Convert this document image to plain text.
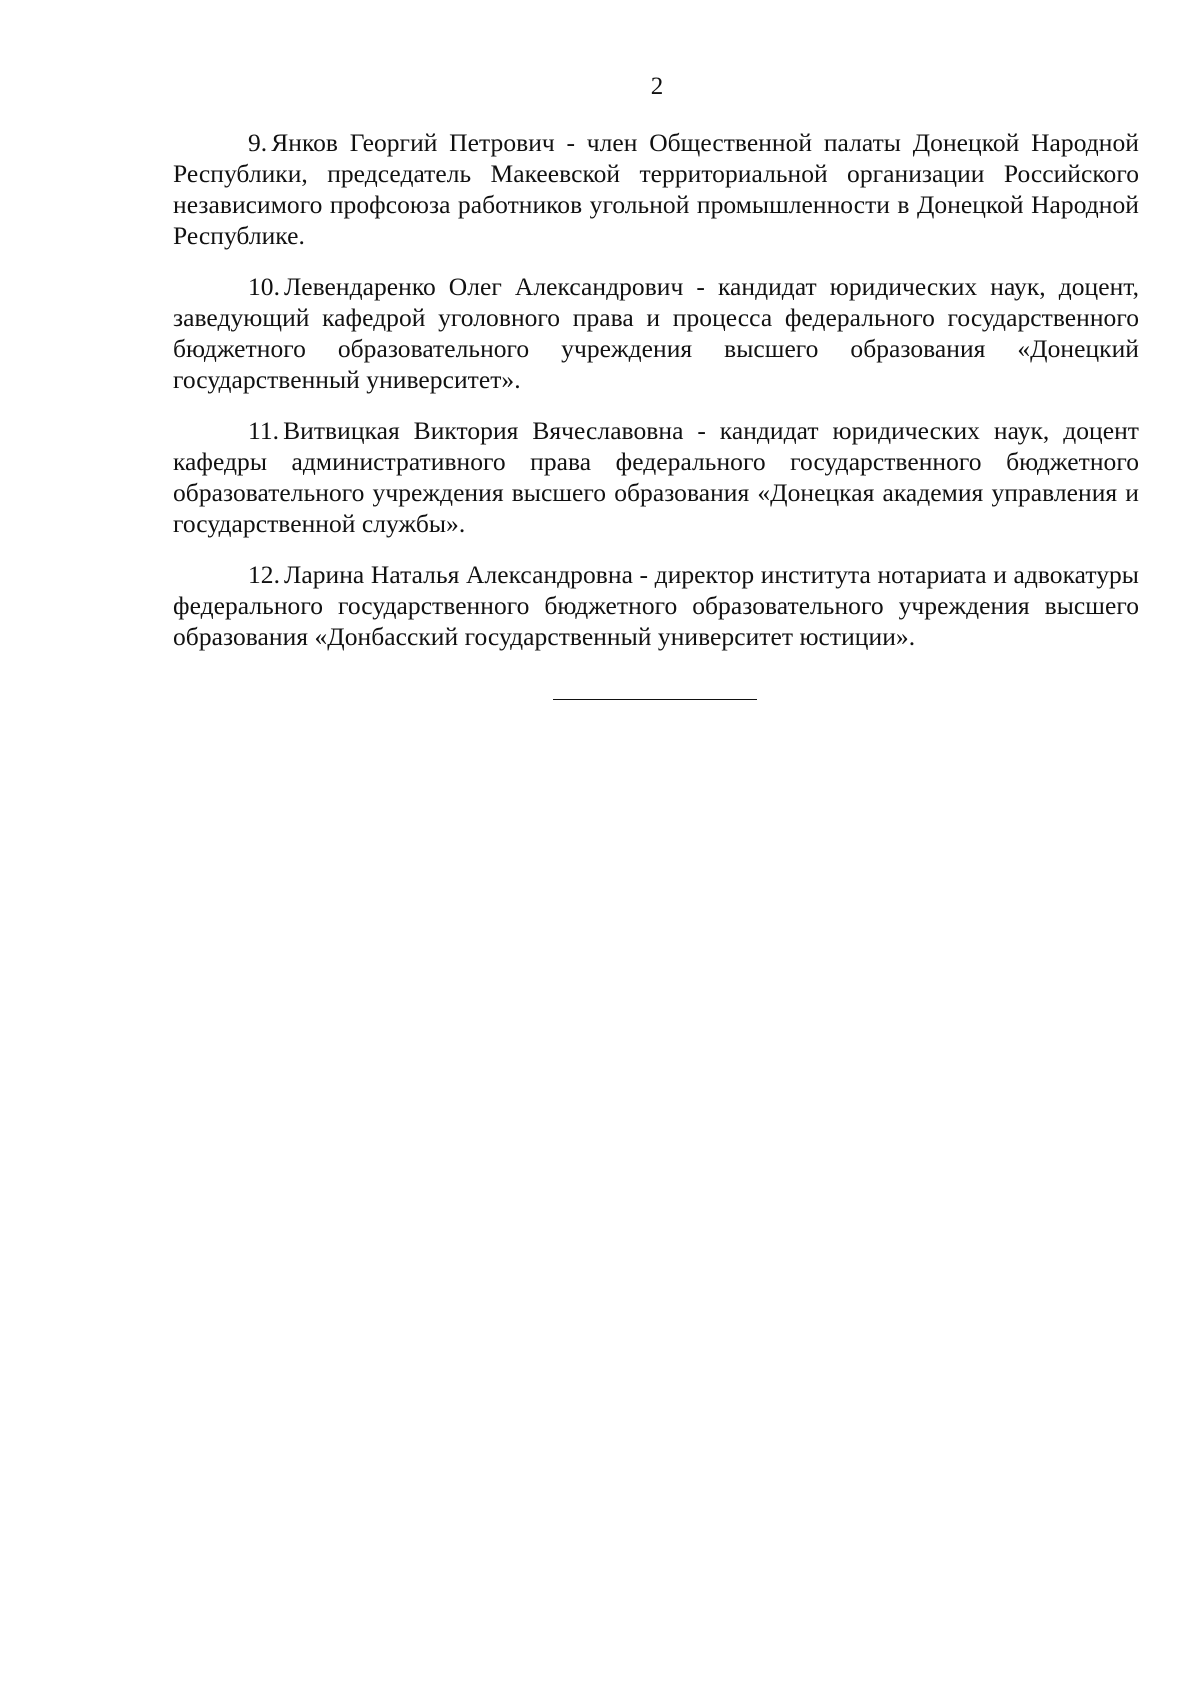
2

9. Янков Георгий Петрович - член Общественной палаты Донецкой Народной Республики, председатель Макеевской территориальной организации Российского независимого профсоюза работников угольной промышленности в Донецкой Народной Республике.

10. Левендаренко Олег Александрович - кандидат юридических наук, доцент, заведующий кафедрой уголовного права и процесса федерального государственного бюджетного образовательного учреждения высшего образования «Донецкий государственный университет».

11. Витвицкая Виктория Вячеславовна - кандидат юридических наук, доцент кафедры административного права федерального государственного бюджетного образовательного учреждения высшего образования «Донецкая академия управления и государственной службы».

12. Ларина Наталья Александровна - директор института нотариата и адвокатуры федерального государственного бюджетного образовательного учреждения высшего образования «Донбасский государственный университет юстиции».
